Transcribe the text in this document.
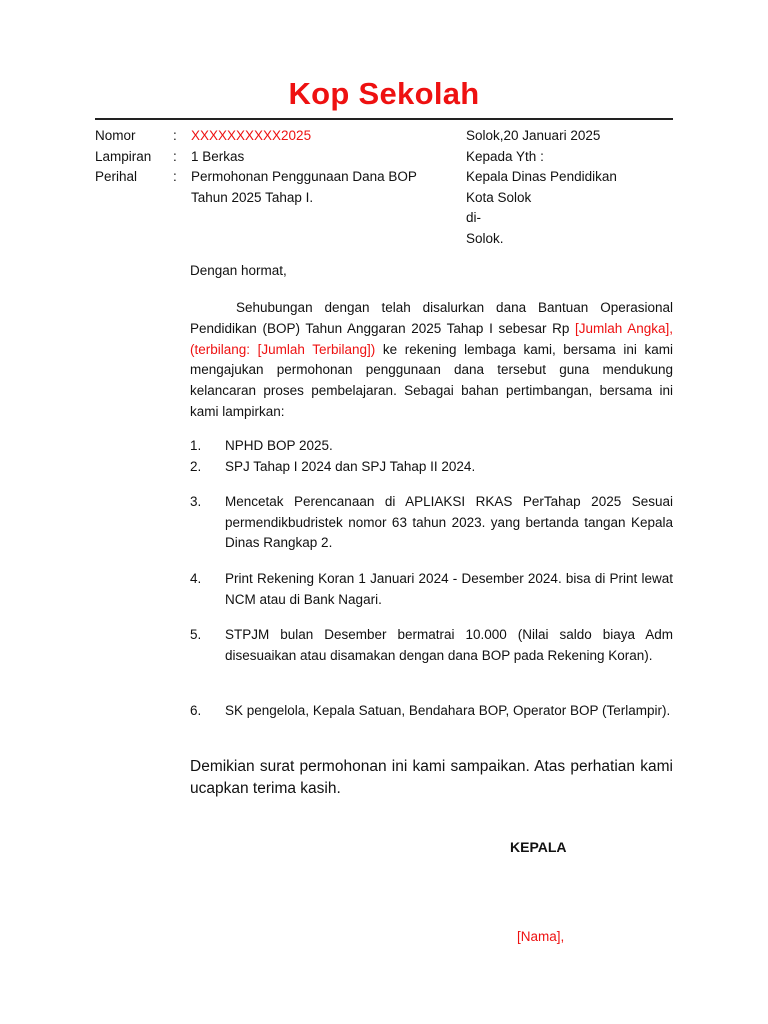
Kop Sekolah
Nomor	: XXXXXXXXXX2025
Lampiran : 1 Berkas
Perihal	: Permohonan Penggunaan Dana BOP Tahun 2025 Tahap I.
Solok,20 Januari 2025
Kepada Yth :
Kepala Dinas Pendidikan
Kota Solok
di-
Solok.
Dengan hormat,
Sehubungan dengan telah disalurkan dana Bantuan Operasional Pendidikan (BOP) Tahun Anggaran 2025 Tahap I sebesar Rp [Jumlah Angka], (terbilang: [Jumlah Terbilang]) ke rekening lembaga kami, bersama ini kami mengajukan permohonan penggunaan dana tersebut guna mendukung kelancaran proses pembelajaran. Sebagai bahan pertimbangan, bersama ini kami lampirkan:
1. NPHD BOP 2025.
2. SPJ Tahap I 2024 dan SPJ Tahap II 2024.
3. Mencetak Perencanaan di APLIAKSI RKAS PerTahap 2025 Sesuai permendikbudristek nomor 63 tahun 2023. yang bertanda tangan Kepala Dinas Rangkap 2.
4. Print Rekening Koran 1 Januari 2024 - Desember 2024. bisa di Print lewat NCM atau di Bank Nagari.
5. STPJM bulan Desember bermatrai 10.000 (Nilai saldo biaya Adm disesuaikan atau disamakan dengan dana BOP pada Rekening Koran).
6. SK pengelola, Kepala Satuan, Bendahara BOP, Operator BOP (Terlampir).
Demikian surat permohonan ini kami sampaikan. Atas perhatian kami ucapkan terima kasih.
KEPALA
[Nama],
